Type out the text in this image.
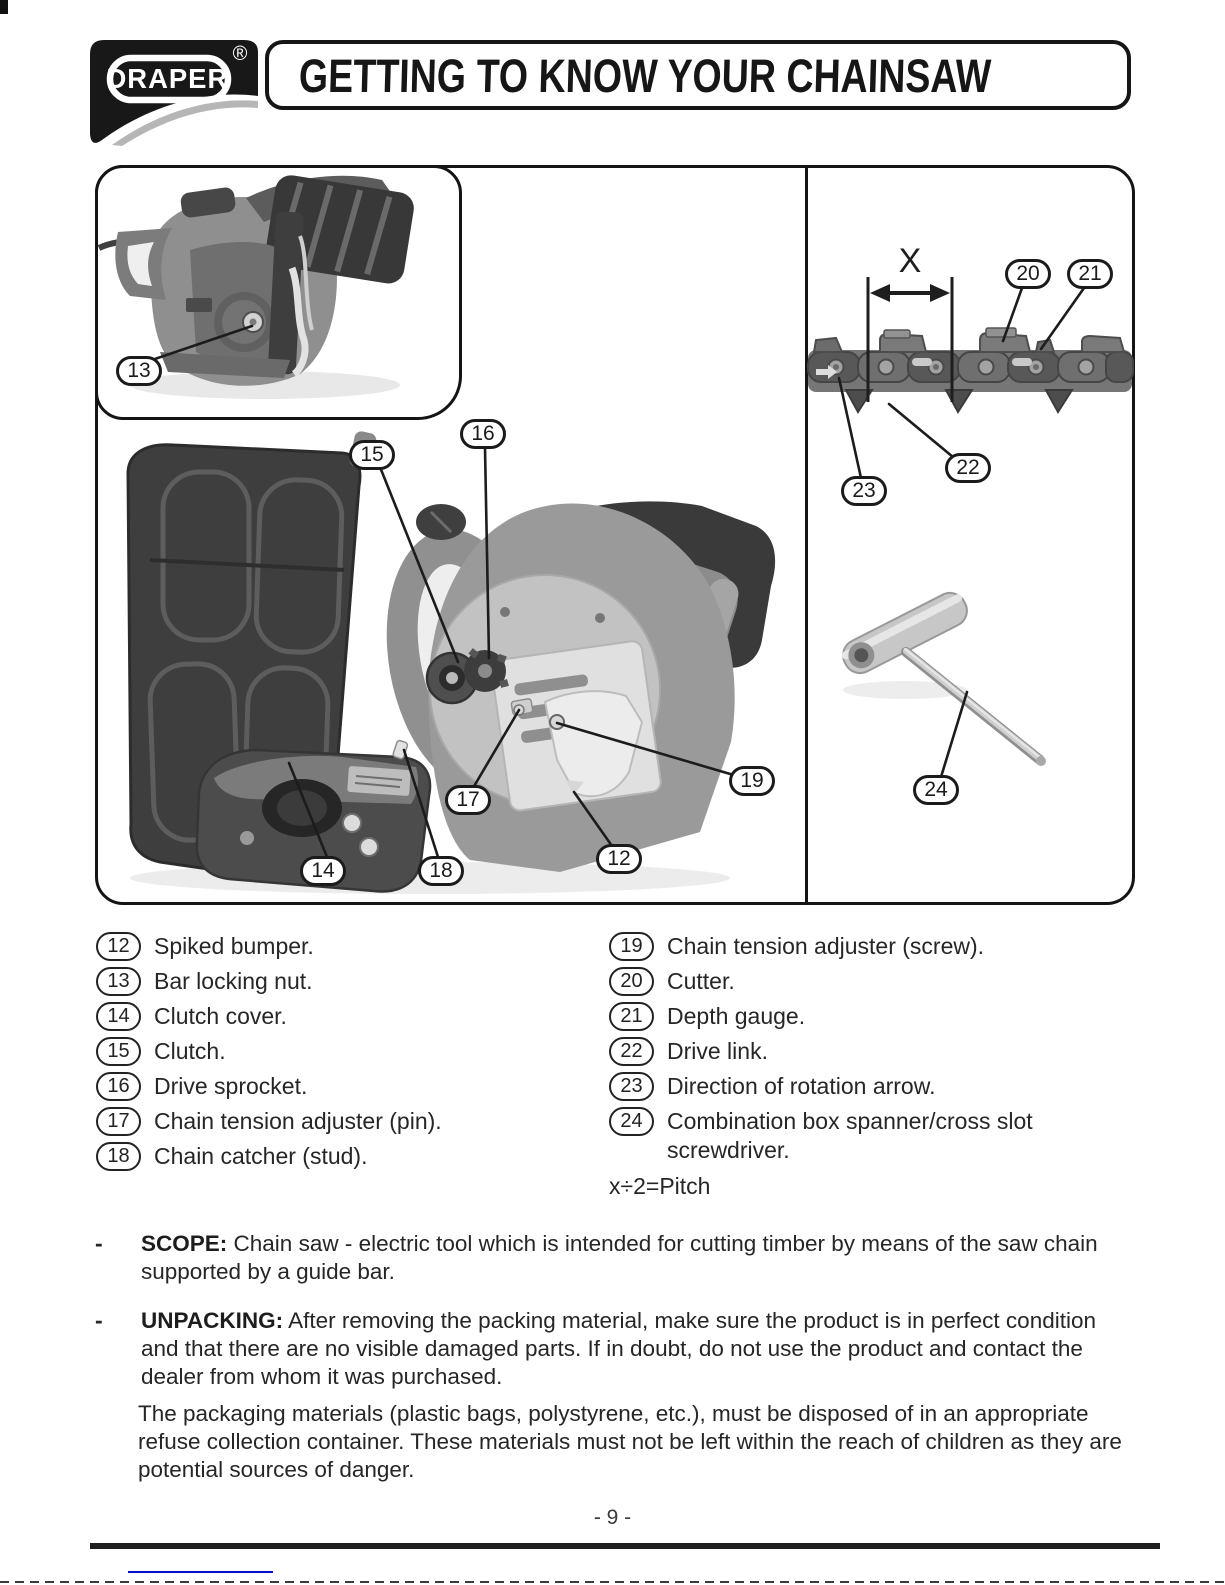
DRAPER
® GETTING TO KNOW YOUR CHAINSAW
X
13
15
16
17
18
14
12
19
20	21
22
23
24
12	Spiked bumper.
13	Bar locking nut.
14	Clutch cover.
15	Clutch.
16	Drive sprocket.
17	Chain tension adjuster (pin).
18	Chain catcher (stud).
19	Chain tension adjuster (screw).
20	Cutter.
21	Depth gauge.
22	Drive link.
23	Direction of rotation arrow.
24	Combination box spanner/cross slot screwdriver.
x÷2=Pitch
-	SCOPE: Chain saw - electric tool which is intended for cutting timber by means of the saw chain supported by a guide bar.
-	UNPACKING: After removing the packing material, make sure the product is in perfect condition and that there are no visible damaged parts. If in doubt, do not use the product and contact the dealer from whom it was purchased.
The packaging materials (plastic bags, polystyrene, etc.), must be disposed of in an appropriate refuse collection container. These materials must not be left within the reach of children as they are potential sources of danger.
- 9 -
